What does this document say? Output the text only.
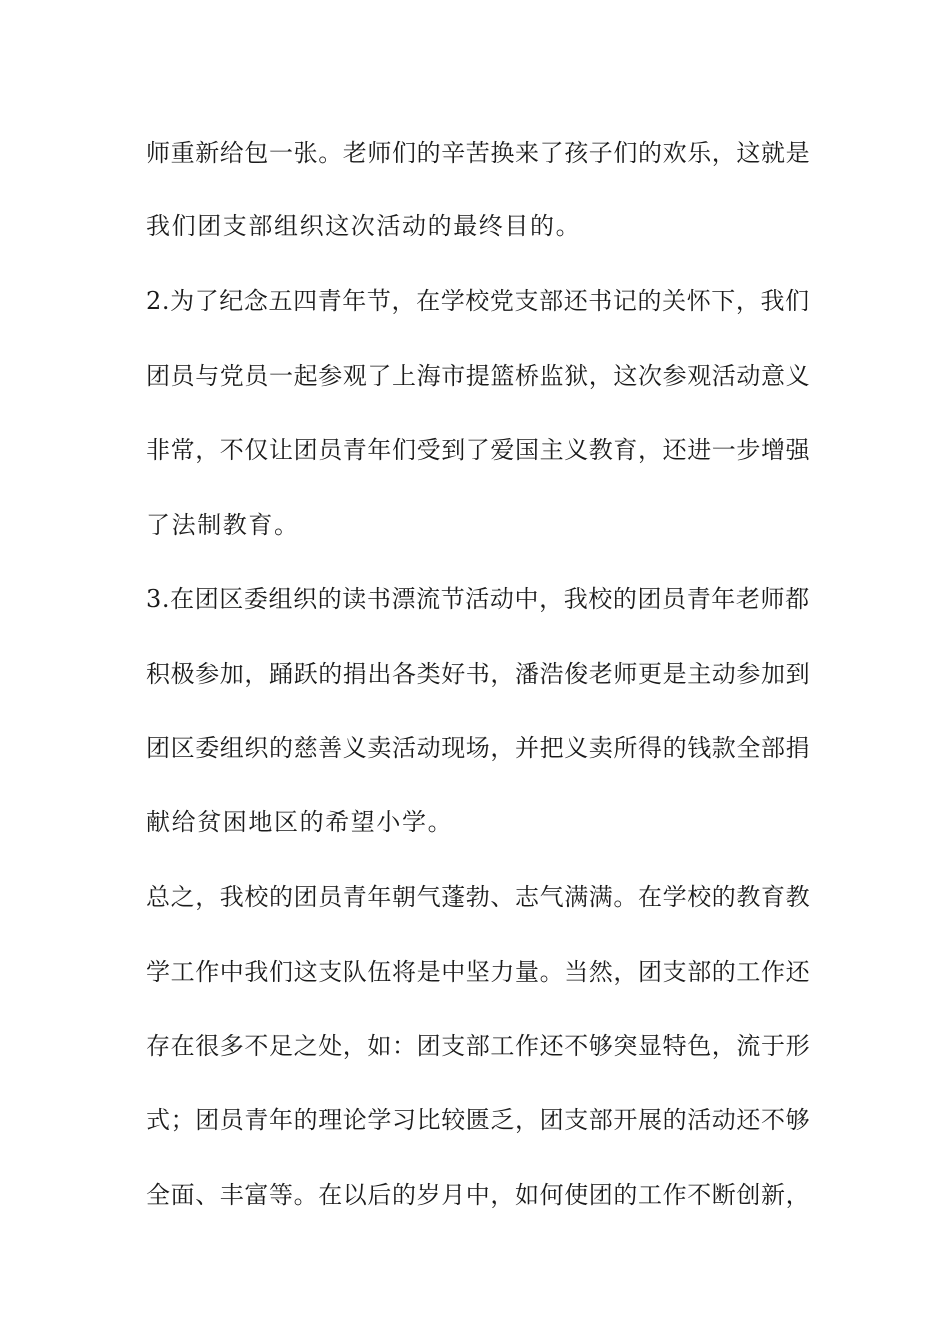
师重新给包一张。老师们的辛苦换来了孩子们的欢乐，这就是
我们团支部组织这次活动的最终目的。
2.为了纪念五四青年节，在学校党支部还书记的关怀下，我们
团员与党员一起参观了上海市提篮桥监狱，这次参观活动意义
非常，不仅让团员青年们受到了爱国主义教育，还进一步增强
了法制教育。
3.在团区委组织的读书漂流节活动中，我校的团员青年老师都
积极参加，踊跃的捐出各类好书，潘浩俊老师更是主动参加到
团区委组织的慈善义卖活动现场，并把义卖所得的钱款全部捐
献给贫困地区的希望小学。
总之，我校的团员青年朝气蓬勃、志气满满。在学校的教育教
学工作中我们这支队伍将是中坚力量。当然，团支部的工作还
存在很多不足之处，如：团支部工作还不够突显特色，流于形
式；团员青年的理论学习比较匮乏，团支部开展的活动还不够
全面、丰富等。在以后的岁月中，如何使团的工作不断创新，
